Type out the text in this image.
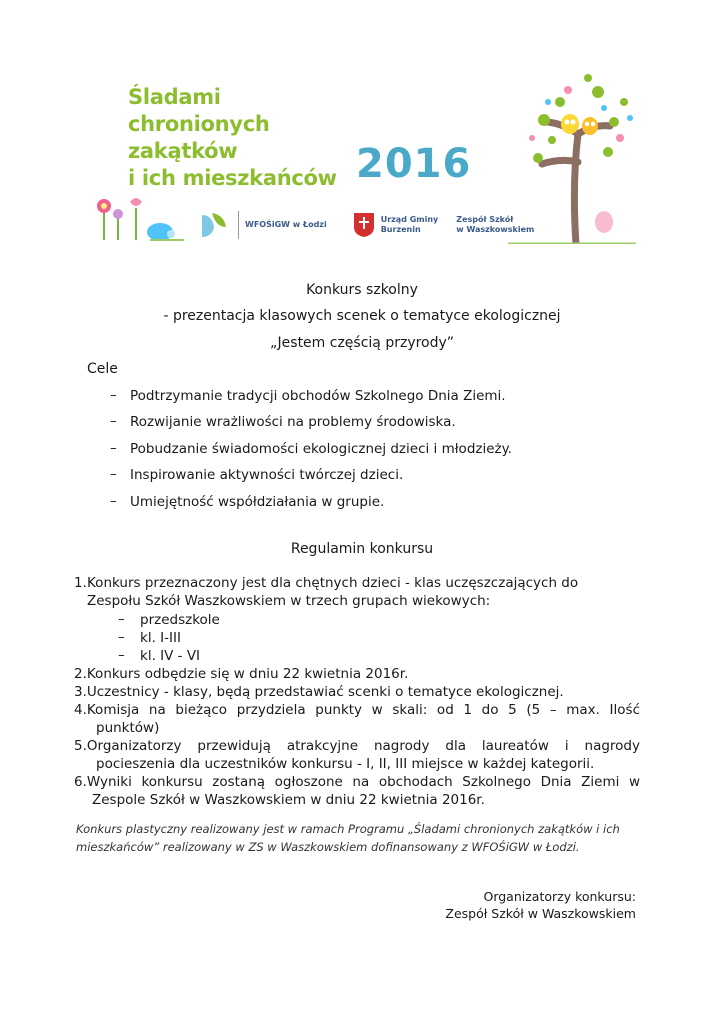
Śladami
chronionych zakątków
i ich mieszkańców 2016
WFOŚiGW w Łodzi
Urząd Gminy
Burzenin
Zespół Szkół
w Waszkowskiem
Konkurs szkolny
- prezentacja klasowych scenek o tematyce ekologicznej
„Jestem częścią przyrody”
Cele
– Podtrzymanie tradycji obchodów Szkolnego Dnia Ziemi.
– Rozwijanie wrażliwości na problemy środowiska.
– Pobudzanie świadomości ekologicznej dzieci i młodzieży.
– Inspirowanie aktywności twórczej dzieci.
– Umiejętność współdziałania w grupie.
Regulamin konkursu
1. Konkurs przeznaczony jest dla chętnych dzieci - klas uczęszczających do
Zespołu Szkół Waszkowskiem w trzech grupach wiekowych:
– przedszkole
– kl. I-III
– kl. IV - VI
2.Konkurs odbędzie się w dniu 22 kwietnia 2016r.
3.Uczestnicy - klasy, będą przedstawiać scenki o tematyce ekologicznej.
4.Komisja na bieżąco przydziela punkty w skali: od 1 do 5 (5 – max. Ilość
punktów)
5.Organizatorzy przewidują atrakcyjne nagrody dla laureatów i nagrody
pocieszenia dla uczestników konkursu - I, II, III miejsce w każdej kategorii.
6.Wyniki konkursu zostaną ogłoszone na obchodach Szkolnego Dnia Ziemi w
Zespole Szkół w Waszkowskiem w dniu 22 kwietnia 2016r.
Konkurs plastyczny realizowany jest w ramach Programu „Śladami chronionych zakątków i ich
mieszkańców” realizowany w ZS w Waszkowskiem dofinansowany z WFOŚiGW w Łodzi.
Organizatorzy konkursu:
Zespół Szkół w Waszkowskiem
